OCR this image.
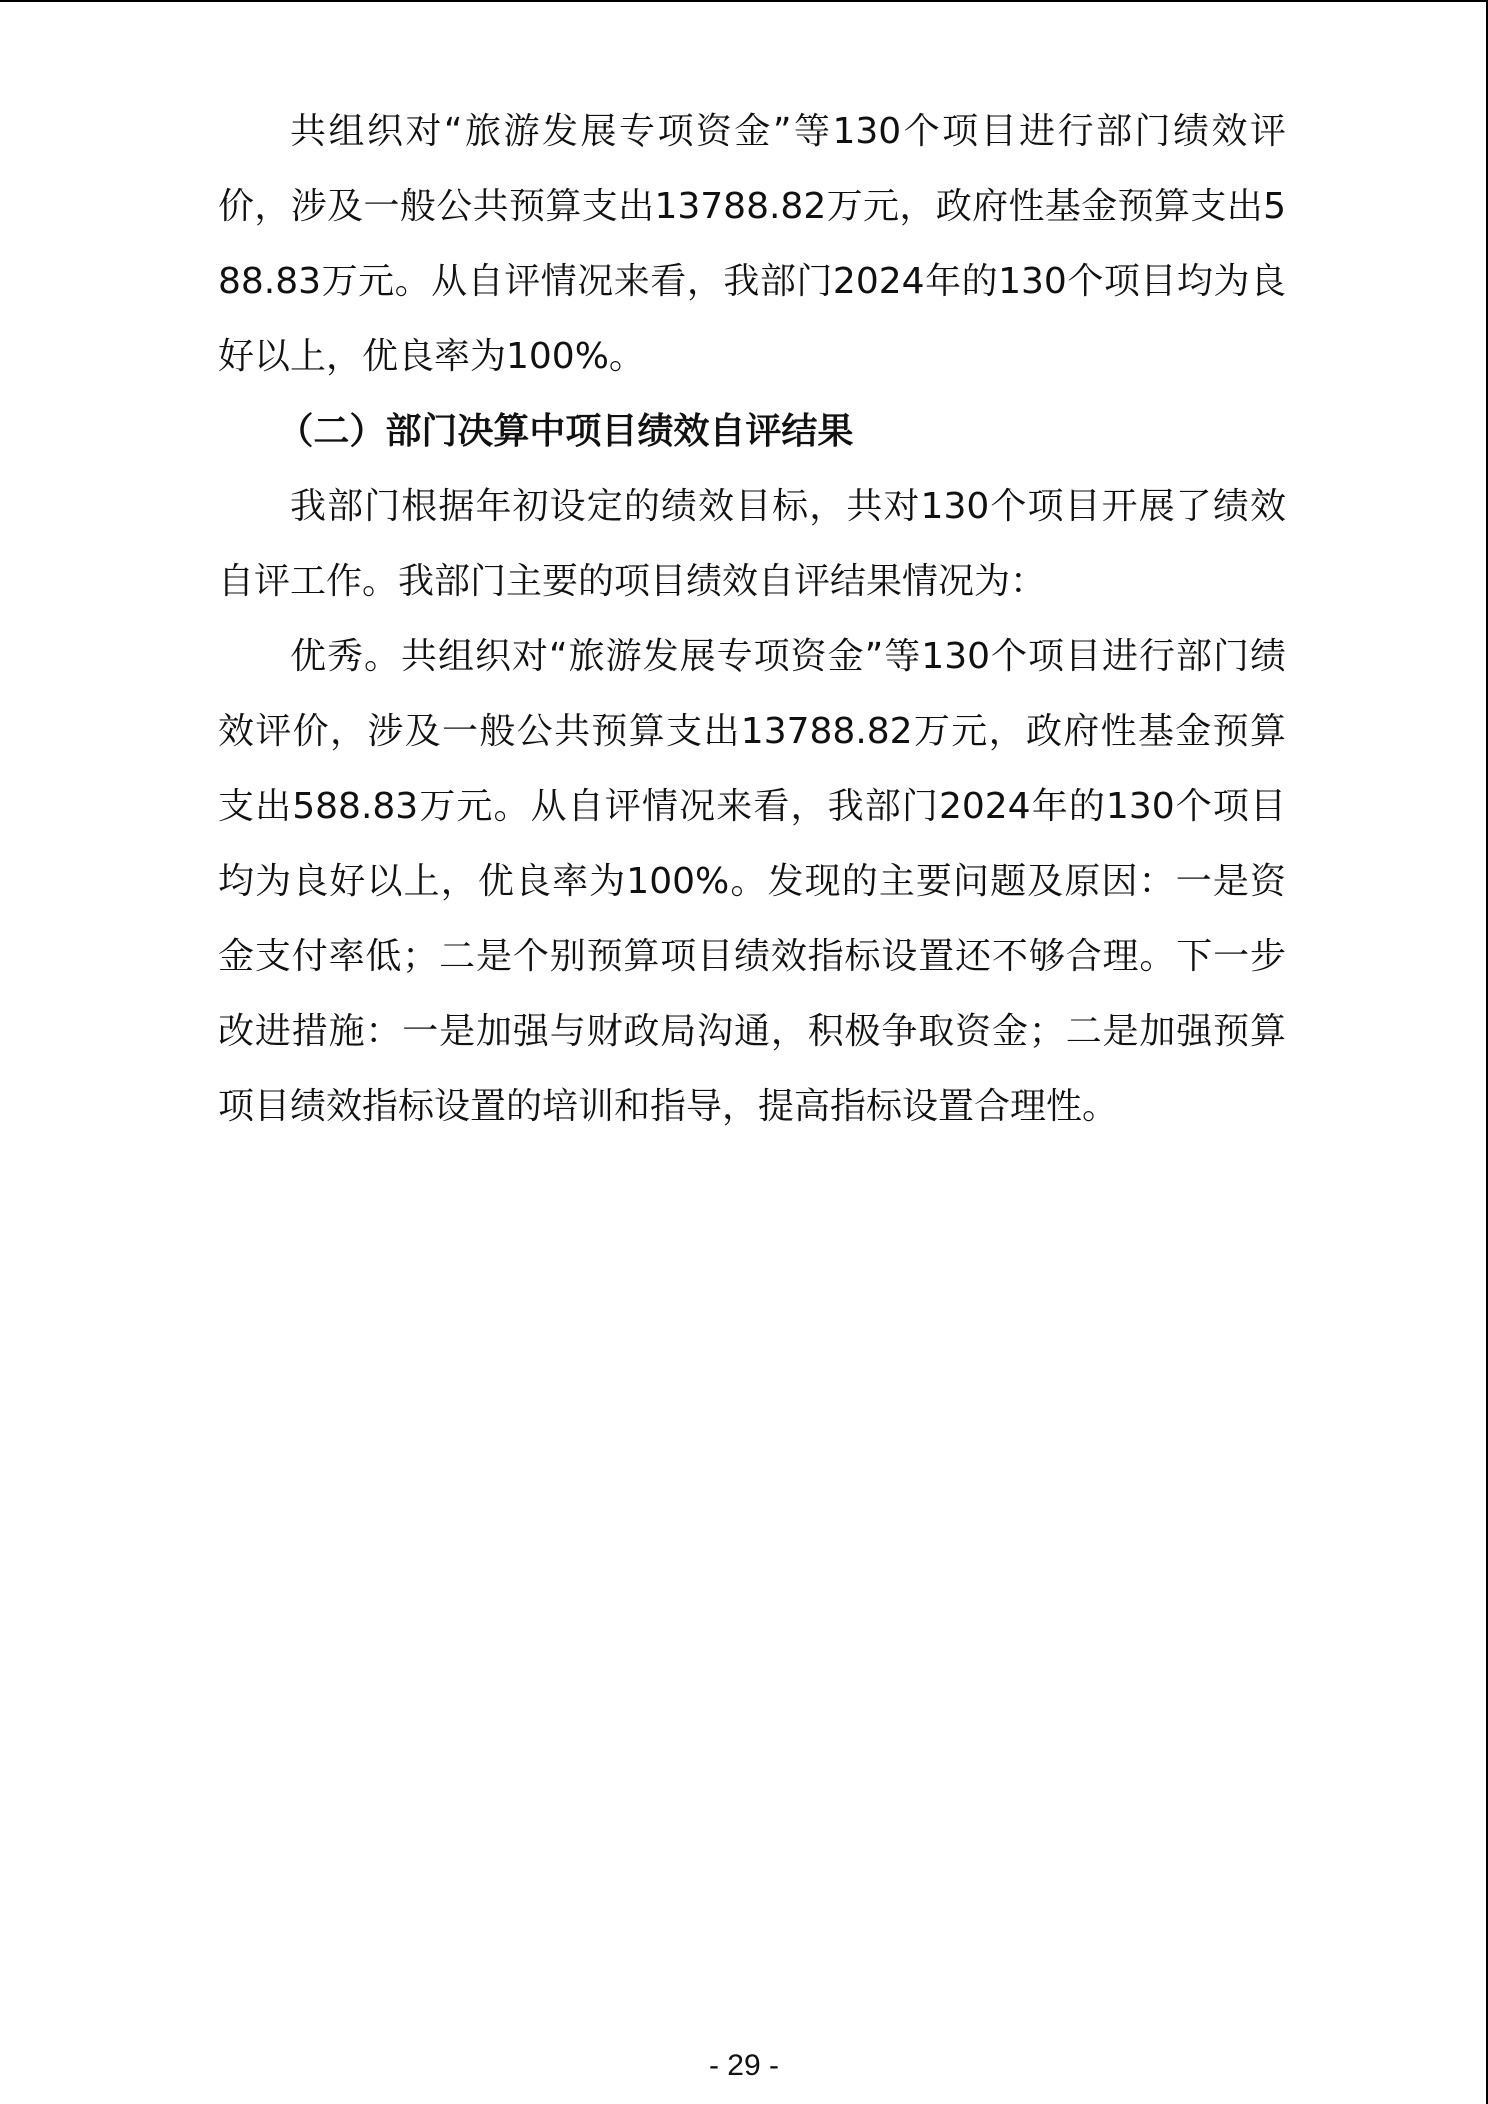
共组织对“旅游发展专项资金”等130个项目进行部门绩效评价，涉及一般公共预算支出13788.82万元，政府性基金预算支出588.83万元。从自评情况来看，我部门2024年的130个项目均为良好以上，优良率为100%。

（二）部门决算中项目绩效自评结果

我部门根据年初设定的绩效目标，共对130个项目开展了绩效自评工作。我部门主要的项目绩效自评结果情况为：

优秀。共组织对“旅游发展专项资金”等130个项目进行部门绩效评价，涉及一般公共预算支出13788.82万元，政府性基金预算支出588.83万元。从自评情况来看，我部门2024年的130个项目均为良好以上，优良率为100%。发现的主要问题及原因：一是资金支付率低；二是个别预算项目绩效指标设置还不够合理。下一步改进措施：一是加强与财政局沟通，积极争取资金；二是加强预算项目绩效指标设置的培训和指导，提高指标设置合理性。

- 29 -
